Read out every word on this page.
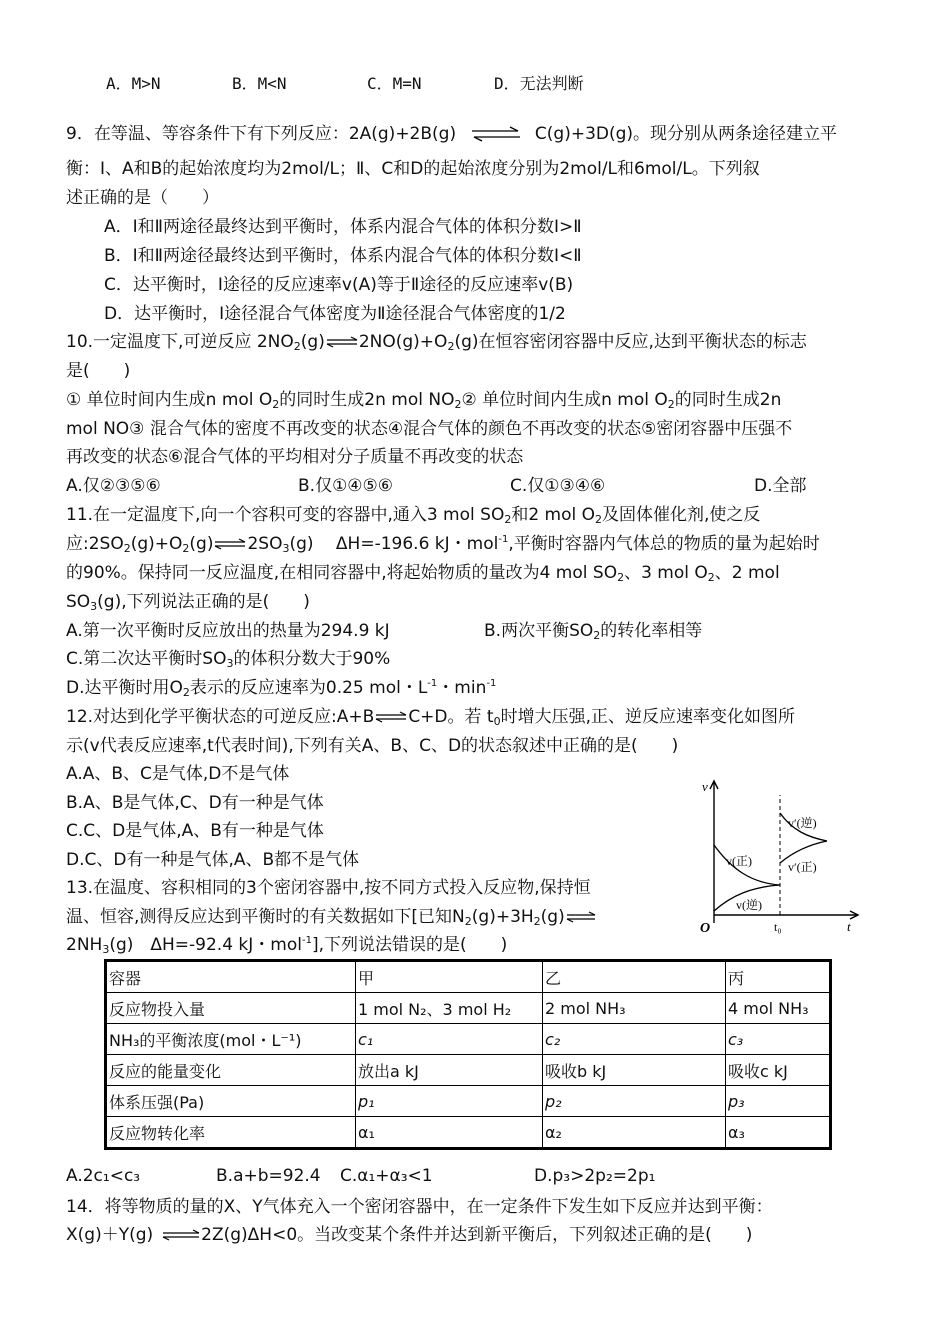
A．M>N	B．M<N	C．M=N	D．无法判断
9．在等温、等容条件下有下列反应：2A(g)+2B(g) ⇌ C(g)+3D(g)。现分别从两条途径建立平
衡：Ⅰ、A和B的起始浓度均为2mol/L；Ⅱ、C和D的起始浓度分别为2mol/L和6mol/L。下列叙
述正确的是（　　）
A．Ⅰ和Ⅱ两途径最终达到平衡时，体系内混合气体的体积分数Ⅰ>Ⅱ
B．Ⅰ和Ⅱ两途径最终达到平衡时，体系内混合气体的体积分数Ⅰ<Ⅱ
C．达平衡时，Ⅰ途径的反应速率v(A)等于Ⅱ途径的反应速率v(B)
D．达平衡时，Ⅰ途径混合气体密度为Ⅱ途径混合气体密度的1/2
10.一定温度下,可逆反应 $2NO_2(g)\rightleftharpoons 2NO(g)+O_2(g)$在恒容密闭容器中反应,达到平衡状态的标志
是(　　)
① 单位时间内生成n mol $O_2$的同时生成2n mol $NO_2②$ 单位时间内生成n mol $O_2$的同时生成2n
mol NO③ 混合气体的密度不再改变的状态④混合气体的颜色不再改变的状态⑤密闭容器中压强不
再改变的状态⑥混合气体的平均相对分子质量不再改变的状态
A.仅②③⑤⑥	B.仅①④⑤⑥	C.仅①③④⑥	D.全部
11.在一定温度下,向一个容积可变的容器中,通入3 mol $SO_2$和2 mol $O_2$及固体催化剂,使之反
应$:2SO_2(g)+O_2(g)\rightleftharpoons 2SO_3(g)$　 ΔH=-196.6 kJ・mol$^{-1}$,平衡时容器内气体总的物质的量为起始时
的90%。保持同一反应温度,在相同容器中,将起始物质的量改为4 mol $SO_2$、3 mol $O_2$、2 mol
$SO_3(g)$,下列说法正确的是(　　)
A.第一次平衡时反应放出的热量为294.9 kJ	B.两次平衡$SO_2$的转化率相等
C.第二次达平衡时$SO_3$的体积分数大于90%
D.达平衡时用$O_2$表示的反应速率为0.25 mol・$L^{-1}$・$\min^{-1}$
12.对达到化学平衡状态的可逆反应:A+B⇌C+D。若 $t_0$时增大压强,正、逆反应速率变化如图所
示(v代表反应速率,t代表时间),下列有关A、B、C、D的状态叙述中正确的是(　　)
A.A、B、C是气体,D不是气体
B.A、B是气体,C、D有一种是气体
C.C、D是气体,A、B有一种是气体
D.C、D有一种是气体,A、B都不是气体
v
t
O	t₀
v(正)
v(逆)
v′(逆)
v′(正)
13.在温度、容积相同的3个密闭容器中,按不同方式投入反应物,保持恒
温、恒容,测得反应达到平衡时的有关数据如下[已知$N_2(g)+3H_2(g)\rightleftharpoons$
$2NH_3(g)$　ΔH=-92.4 kJ・mol$^{-1}$],下列说法错误的是(　　)
容器	甲	乙	丙
反应物投入量	1 mol N₂、3 mol H₂	2 mol NH₃	4 mol NH₃
NH₃的平衡浓度(mol・L⁻¹)	c₁	c₂	c₃
反应的能量变化	放出a kJ	吸收b kJ	吸收c kJ
体系压强(Pa)	p₁	p₂	p₃
反应物转化率	α₁	α₂	α₃
A.2c₁<c₃	B.a+b=92.4 C.α₁+α₃<1	D.p₃>2p₂=2p₁
14．将等物质的量的X、Y气体充入一个密闭容器中，在一定条件下发生如下反应并达到平衡：
X(g)＋Y(g) ⇌2Z(g)ΔH<0。当改变某个条件并达到新平衡后，下列叙述正确的是(　　)
